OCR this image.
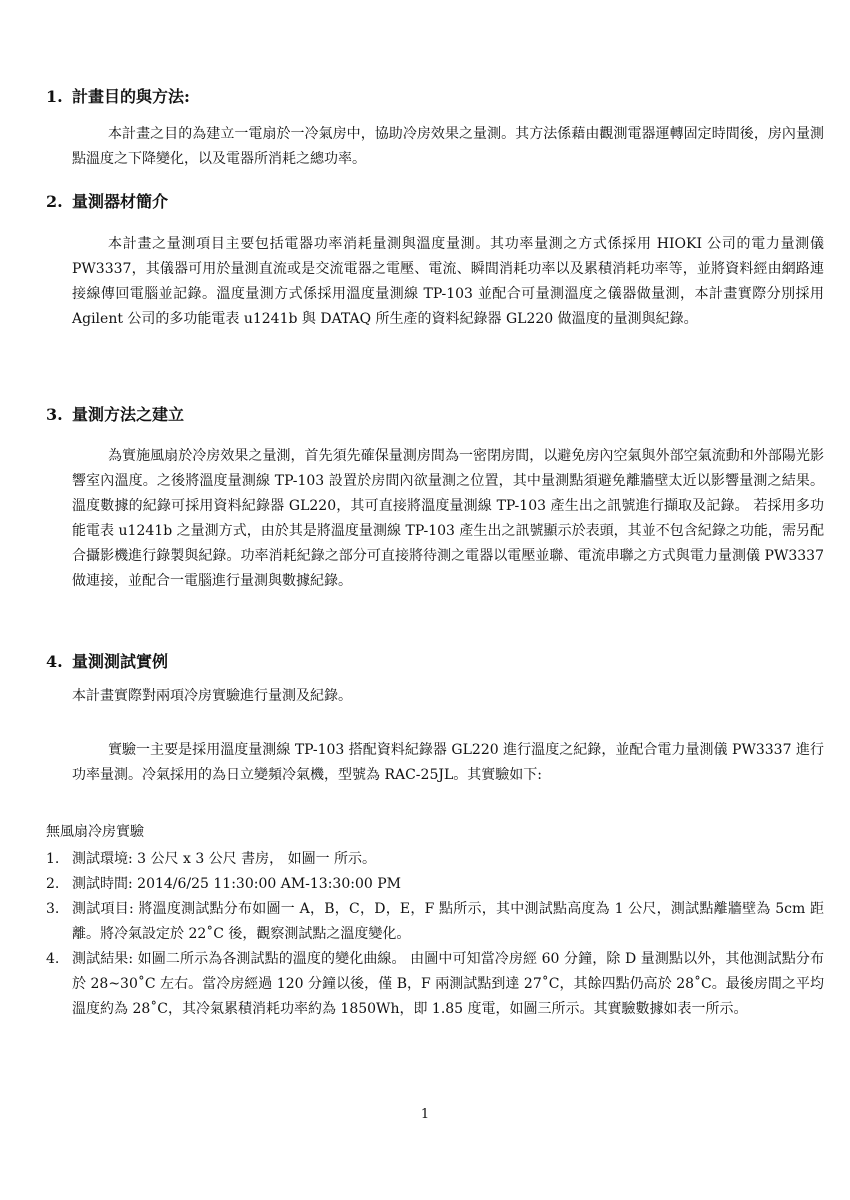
1. 計畫目的與方法:

本計畫之目的為建立一電扇於一冷氣房中，協助冷房效果之量測。其方法係藉由觀測電器運轉固定時間後，房內量測點溫度之下降變化，以及電器所消耗之總功率。

2. 量測器材簡介

本計畫之量測項目主要包括電器功率消耗量測與溫度量測。其功率量測之方式係採用 HIOKI 公司的電力量測儀 PW3337，其儀器可用於量測直流或是交流電器之電壓、電流、瞬間消耗功率以及累積消耗功率等，並將資料經由網路連接線傳回電腦並記錄。溫度量測方式係採用溫度量測線 TP-103 並配合可量測溫度之儀器做量測，本計畫實際分別採用 Agilent 公司的多功能電表 u1241b 與 DATAQ 所生產的資料紀錄器 GL220 做溫度的量測與紀錄。

3. 量測方法之建立

為實施風扇於冷房效果之量測，首先須先確保量測房間為一密閉房間，以避免房內空氣與外部空氣流動和外部陽光影響室內溫度。之後將溫度量測線 TP-103 設置於房間內欲量測之位置，其中量測點須避免離牆壁太近以影響量測之結果。溫度數據的紀錄可採用資料紀錄器 GL220，其可直接將溫度量測線 TP-103 產生出之訊號進行擷取及記錄。 若採用多功能電表 u1241b 之量測方式，由於其是將溫度量測線 TP-103 產生出之訊號顯示於表頭，其並不包含紀錄之功能，需另配合攝影機進行錄製與紀錄。功率消耗紀錄之部分可直接將待測之電器以電壓並聯、電流串聯之方式與電力量測儀 PW3337 做連接，並配合一電腦進行量測與數據紀錄。

4. 量測測試實例

本計畫實際對兩項冷房實驗進行量測及紀錄。

實驗一主要是採用溫度量測線 TP-103 搭配資料紀錄器 GL220 進行溫度之紀錄，並配合電力量測儀 PW3337 進行功率量測。冷氣採用的為日立變頻冷氣機，型號為 RAC-25JL。其實驗如下:

無風扇冷房實驗

1. 測試環境: 3 公尺 x 3 公尺 書房， 如圖一 所示。
2. 測試時間: 2014/6/25 11:30:00 AM-13:30:00 PM
3. 測試項目: 將溫度測試點分布如圖一 A，B，C，D，E，F 點所示，其中測試點高度為 1 公尺，測試點離牆壁為 5cm 距離。將冷氣設定於 22˚C 後，觀察測試點之溫度變化。
4. 測試結果: 如圖二所示為各測試點的溫度的變化曲線。 由圖中可知當冷房經 60 分鐘，除 D 量測點以外，其他測試點分布於 28~30˚C 左右。當冷房經過 120 分鐘以後，僅 B，F 兩測試點到達 27˚C，其餘四點仍高於 28˚C。最後房間之平均溫度約為 28˚C，其冷氣累積消耗功率約為 1850Wh，即 1.85 度電，如圖三所示。其實驗數據如表一所示。
1
